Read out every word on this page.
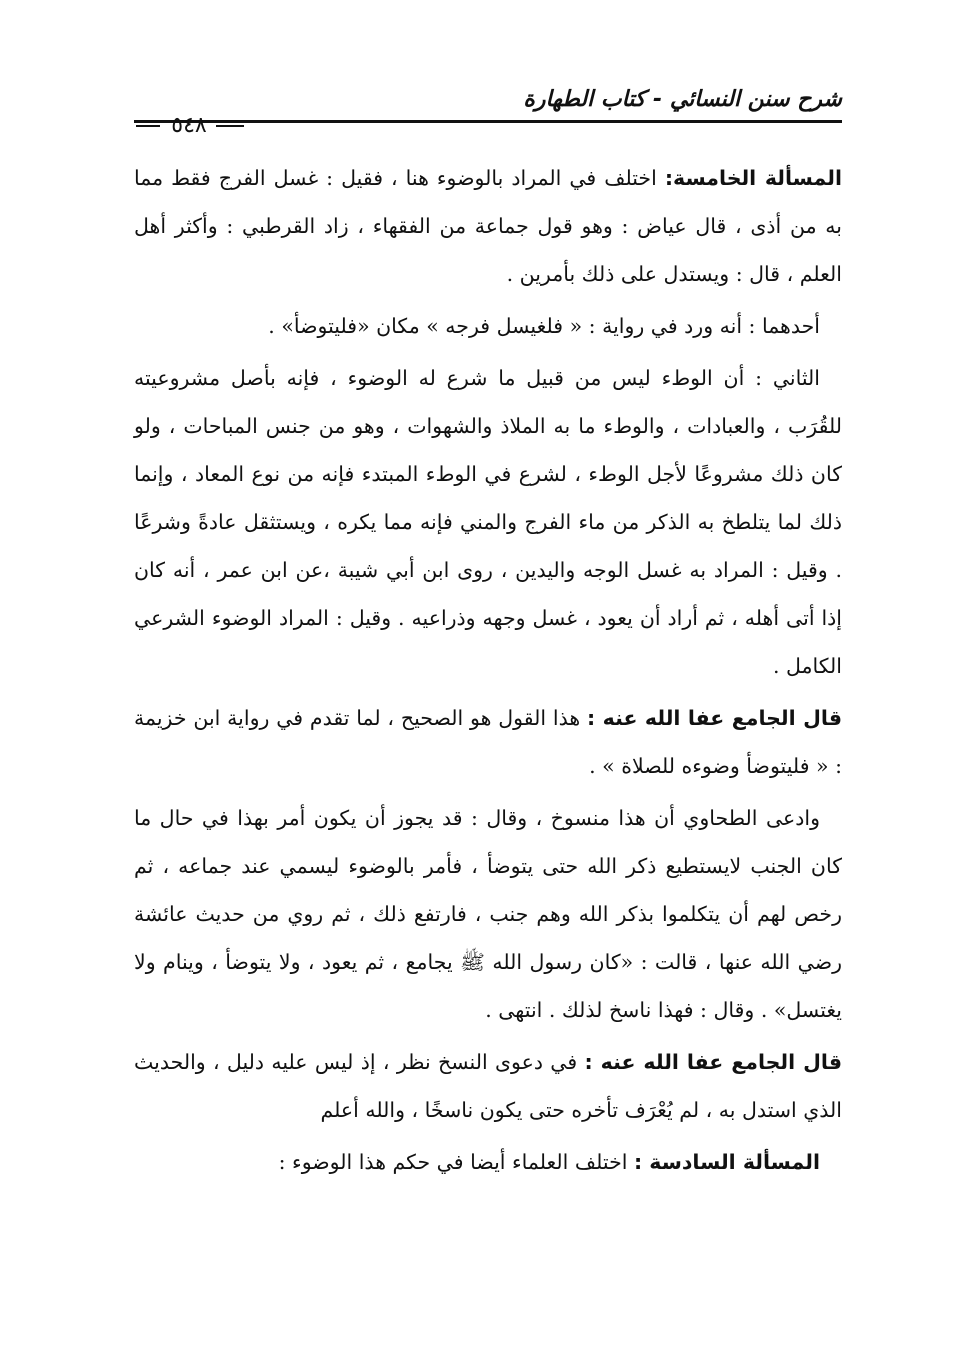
شرح سنن النسائي - كتاب الطهارة
٥٤٨

المسألة الخامسة: اختلف في المراد بالوضوء هنا ، فقيل : غسل الفرج فقط مما به من أذى ، قال عياض : وهو قول جماعة من الفقهاء ، زاد القرطبي : وأكثر أهل العلم ، قال : ويستدل على ذلك بأمرين .

أحدهما : أنه ورد في رواية : « فلغيسل فرجه » مكان «فليتوضأ» .

الثاني : أن الوطء ليس من قبيل ما شرع له الوضوء ، فإنه بأصل مشروعيته للقُرَب ، والعبادات ، والوطء ما به الملاذ والشهوات ، وهو من جنس المباحات ، ولو كان ذلك مشروعًا لأجل الوطء ، لشرع في الوطء المبتدء فإنه من نوع المعاد ، وإنما ذلك لما يتلطخ به الذكر من ماء الفرج والمني فإنه مما يكره ، ويستثقل عادةً وشرعًا . وقيل : المراد به غسل الوجه واليدين ، روى ابن أبي شيبة ،عن ابن عمر ، أنه كان إذا أتى أهله ، ثم أراد أن يعود ، غسل وجهه وذراعيه . وقيل : المراد الوضوء الشرعي الكامل .

قال الجامع عفا الله عنه : هذا القول هو الصحيح ، لما تقدم في رواية ابن خزيمة : « فليتوضأ وضوءه للصلاة » .

وادعى الطحاوي أن هذا منسوخ ، وقال : قد يجوز أن يكون أمر بهذا في حال ما كان الجنب لايستطيع ذكر الله حتى يتوضأ ، فأمر بالوضوء ليسمي عند جماعه ، ثم رخص لهم أن يتكلموا بذكر الله وهم جنب ، فارتفع ذلك ، ثم روي من حديث عائشة رضي الله عنها ، قالت : «كان رسول الله ﷺ يجامع ، ثم يعود ، ولا يتوضأ ، وينام ولا يغتسل» . وقال : فهذا ناسخ لذلك . انتهى .

قال الجامع عفا الله عنه : في دعوى النسخ نظر ، إذ ليس عليه دليل ، والحديث الذي استدل به ، لم يُعْرَف تأخره حتى يكون ناسخًا ، والله أعلم

المسألة السادسة : اختلف العلماء أيضا في حكم هذا الوضوء :
